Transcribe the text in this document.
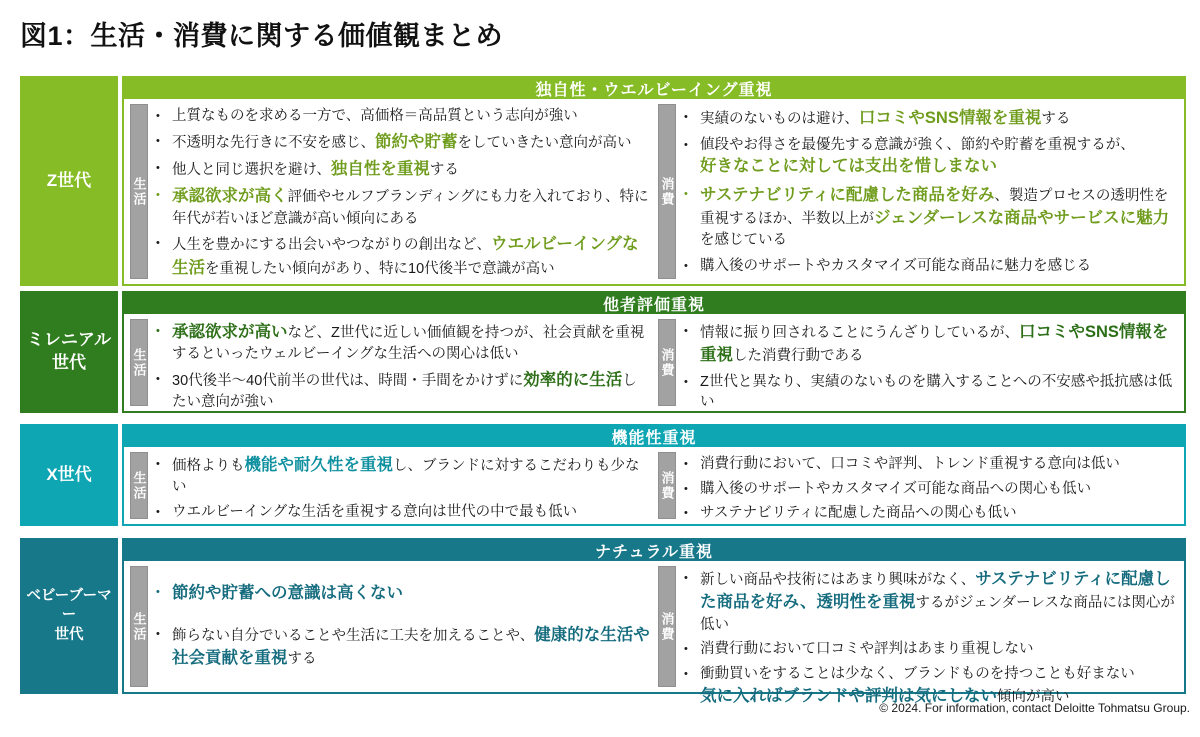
図1：生活・消費に関する価値観まとめ
Z世代
独自性・ウエルビーイング重視
生活
• 上質なものを求める一方で、高価格＝高品質という志向が強い
• 不透明な先行きに不安を感じ、節約や貯蓄をしていきたい意向が高い
• 他人と同じ選択を避け、独自性を重視する
• 承認欲求が高く評価やセルフブランディングにも力を入れており、特に年代が若いほど意識が高い傾向にある
• 人生を豊かにする出会いやつながりの創出など、ウエルビーイングな生活を重視したい傾向があり、特に10代後半で意識が高い
消費
• 実績のないものは避け、口コミやSNS情報を重視する
• 値段やお得さを最優先する意識が強く、節約や貯蓄を重視するが、
好きなことに対しては支出を惜しまない
• サステナビリティに配慮した商品を好み、製造プロセスの透明性を重視するほか、半数以上がジェンダーレスな商品やサービスに魅力を感じている
• 購入後のサポートやカスタマイズ可能な商品に魅力を感じる
ミレニアル
世代
他者評価重視
生活
• 承認欲求が高いなど、Z世代に近しい価値観を持つが、社会貢献を重視するといったウェルビーイングな生活への関心は低い
• 30代後半～40代前半の世代は、時間・手間をかけずに効率的に生活したい意向が強い
消費
• 情報に振り回されることにうんざりしているが、口コミやSNS情報を重視した消費行動である
• Z世代と異なり、実績のないものを購入することへの不安感や抵抗感は低い
X世代
機能性重視
生活
• 価格よりも機能や耐久性を重視し、ブランドに対するこだわりも少ない
• ウエルビーイングな生活を重視する意向は世代の中で最も低い
消費
• 消費行動において、口コミや評判、トレンド重視する意向は低い
• 購入後のサポートやカスタマイズ可能な商品への関心も低い
• サステナビリティに配慮した商品への関心も低い
ベビーブーマー
世代
ナチュラル重視
生活
• 節約や貯蓄への意識は高くない
• 飾らない自分でいることや生活に工夫を加えることや、健康的な生活や社会貢献を重視する
消費
• 新しい商品や技術にはあまり興味がなく、サステナビリティに配慮した商品を好み、透明性を重視するがジェンダーレスな商品には関心が低い
• 消費行動において口コミや評判はあまり重視しない
• 衝動買いをすることは少なく、ブランドものを持つことも好まない
気に入ればブランドや評判は気にしない傾向が高い
© 2024. For information, contact Deloitte Tohmatsu Group.
